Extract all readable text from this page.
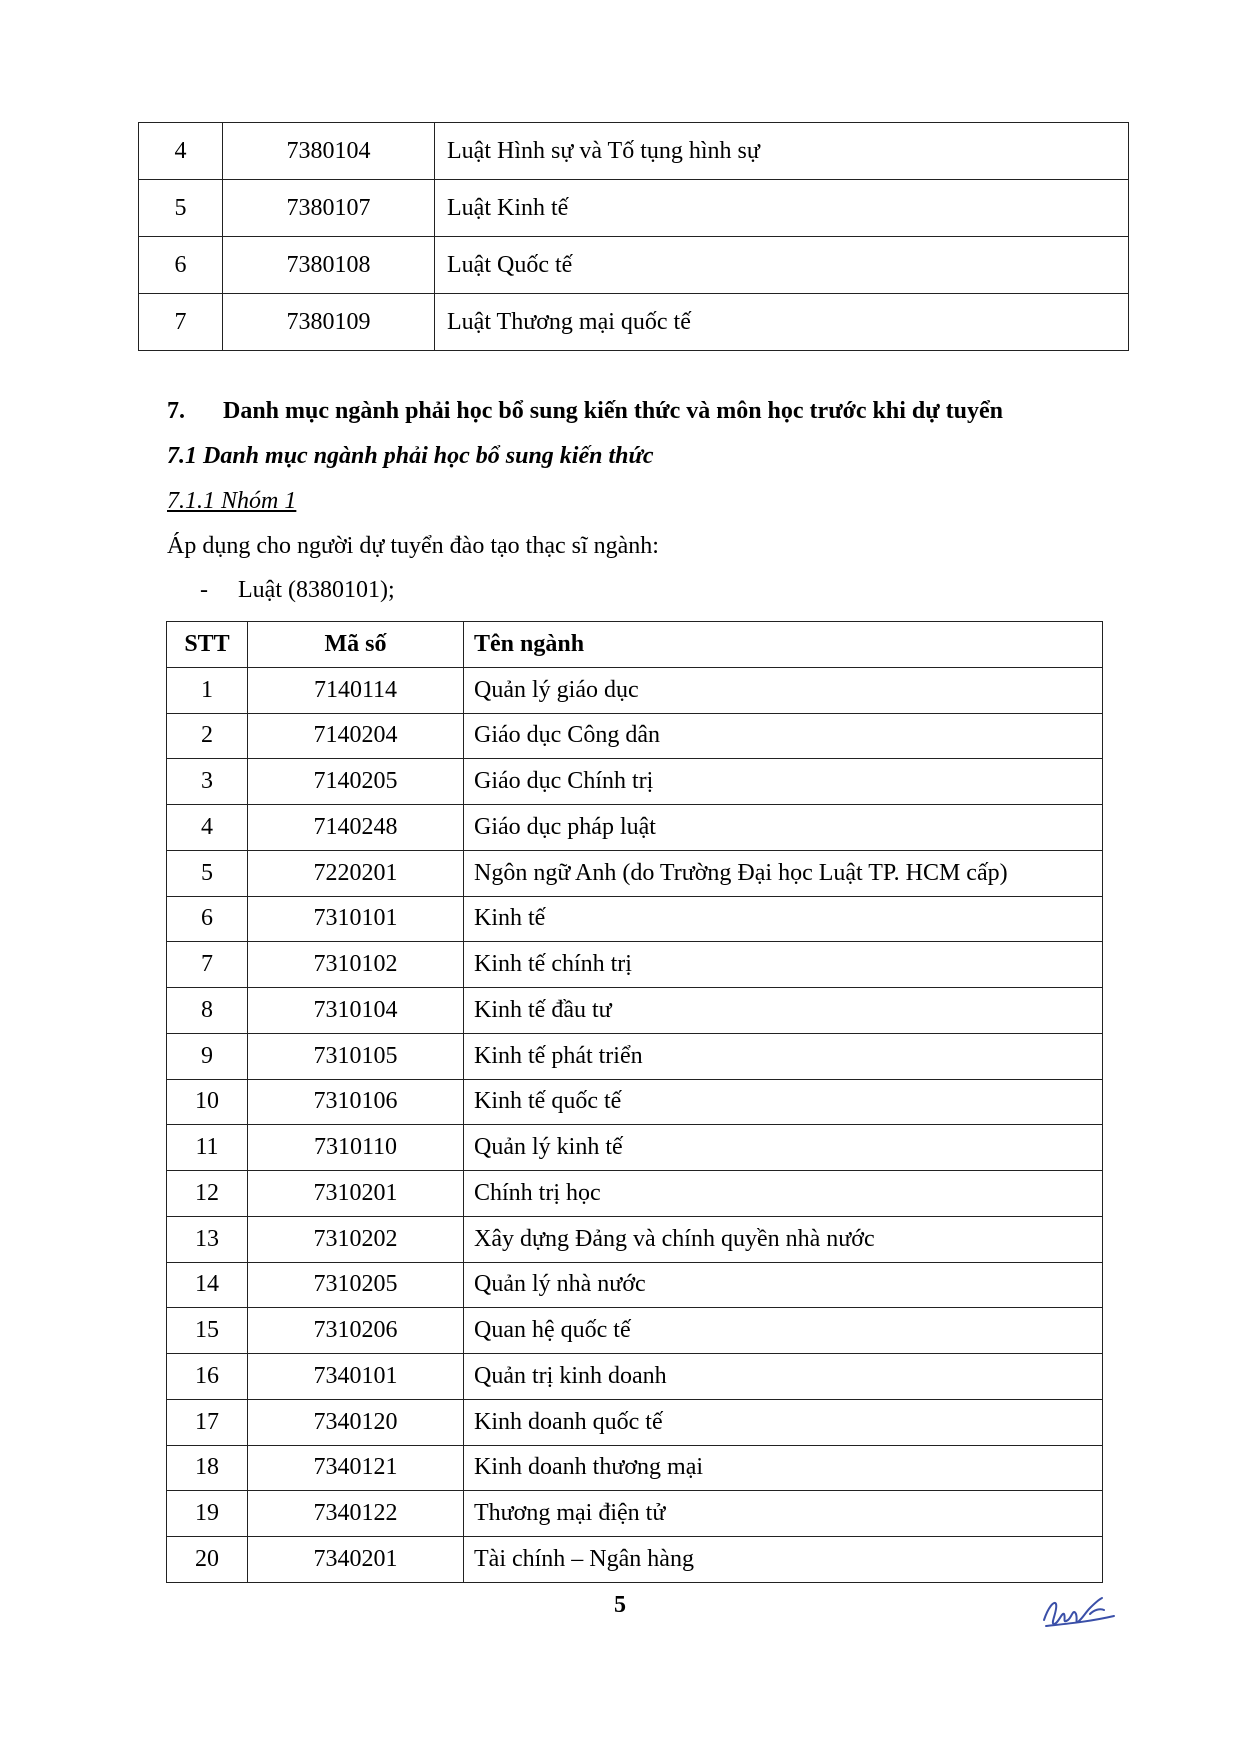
4	7380104	Luật Hình sự và Tố tụng hình sự
5	7380107	Luật Kinh tế
6	7380108	Luật Quốc tế
7	7380109	Luật Thương mại quốc tế
7. Danh mục ngành phải học bổ sung kiến thức và môn học trước khi dự tuyển
7.1 Danh mục ngành phải học bổ sung kiến thức
7.1.1 Nhóm 1
Áp dụng cho người dự tuyển đào tạo thạc sĩ ngành:
- Luật (8380101);
STT	Mã số	Tên ngành
1	7140114	Quản lý giáo dục
2	7140204	Giáo dục Công dân
3	7140205	Giáo dục Chính trị
4	7140248	Giáo dục pháp luật
5	7220201	Ngôn ngữ Anh (do Trường Đại học Luật TP. HCM cấp)
6	7310101	Kinh tế
7	7310102	Kinh tế chính trị
8	7310104	Kinh tế đầu tư
9	7310105	Kinh tế phát triển
10	7310106	Kinh tế quốc tế
11	7310110	Quản lý kinh tế
12	7310201	Chính trị học
13	7310202	Xây dựng Đảng và chính quyền nhà nước
14	7310205	Quản lý nhà nước
15	7310206	Quan hệ quốc tế
16	7340101	Quản trị kinh doanh
17	7340120	Kinh doanh quốc tế
18	7340121	Kinh doanh thương mại
19	7340122	Thương mại điện tử
20	7340201	Tài chính – Ngân hàng
5
